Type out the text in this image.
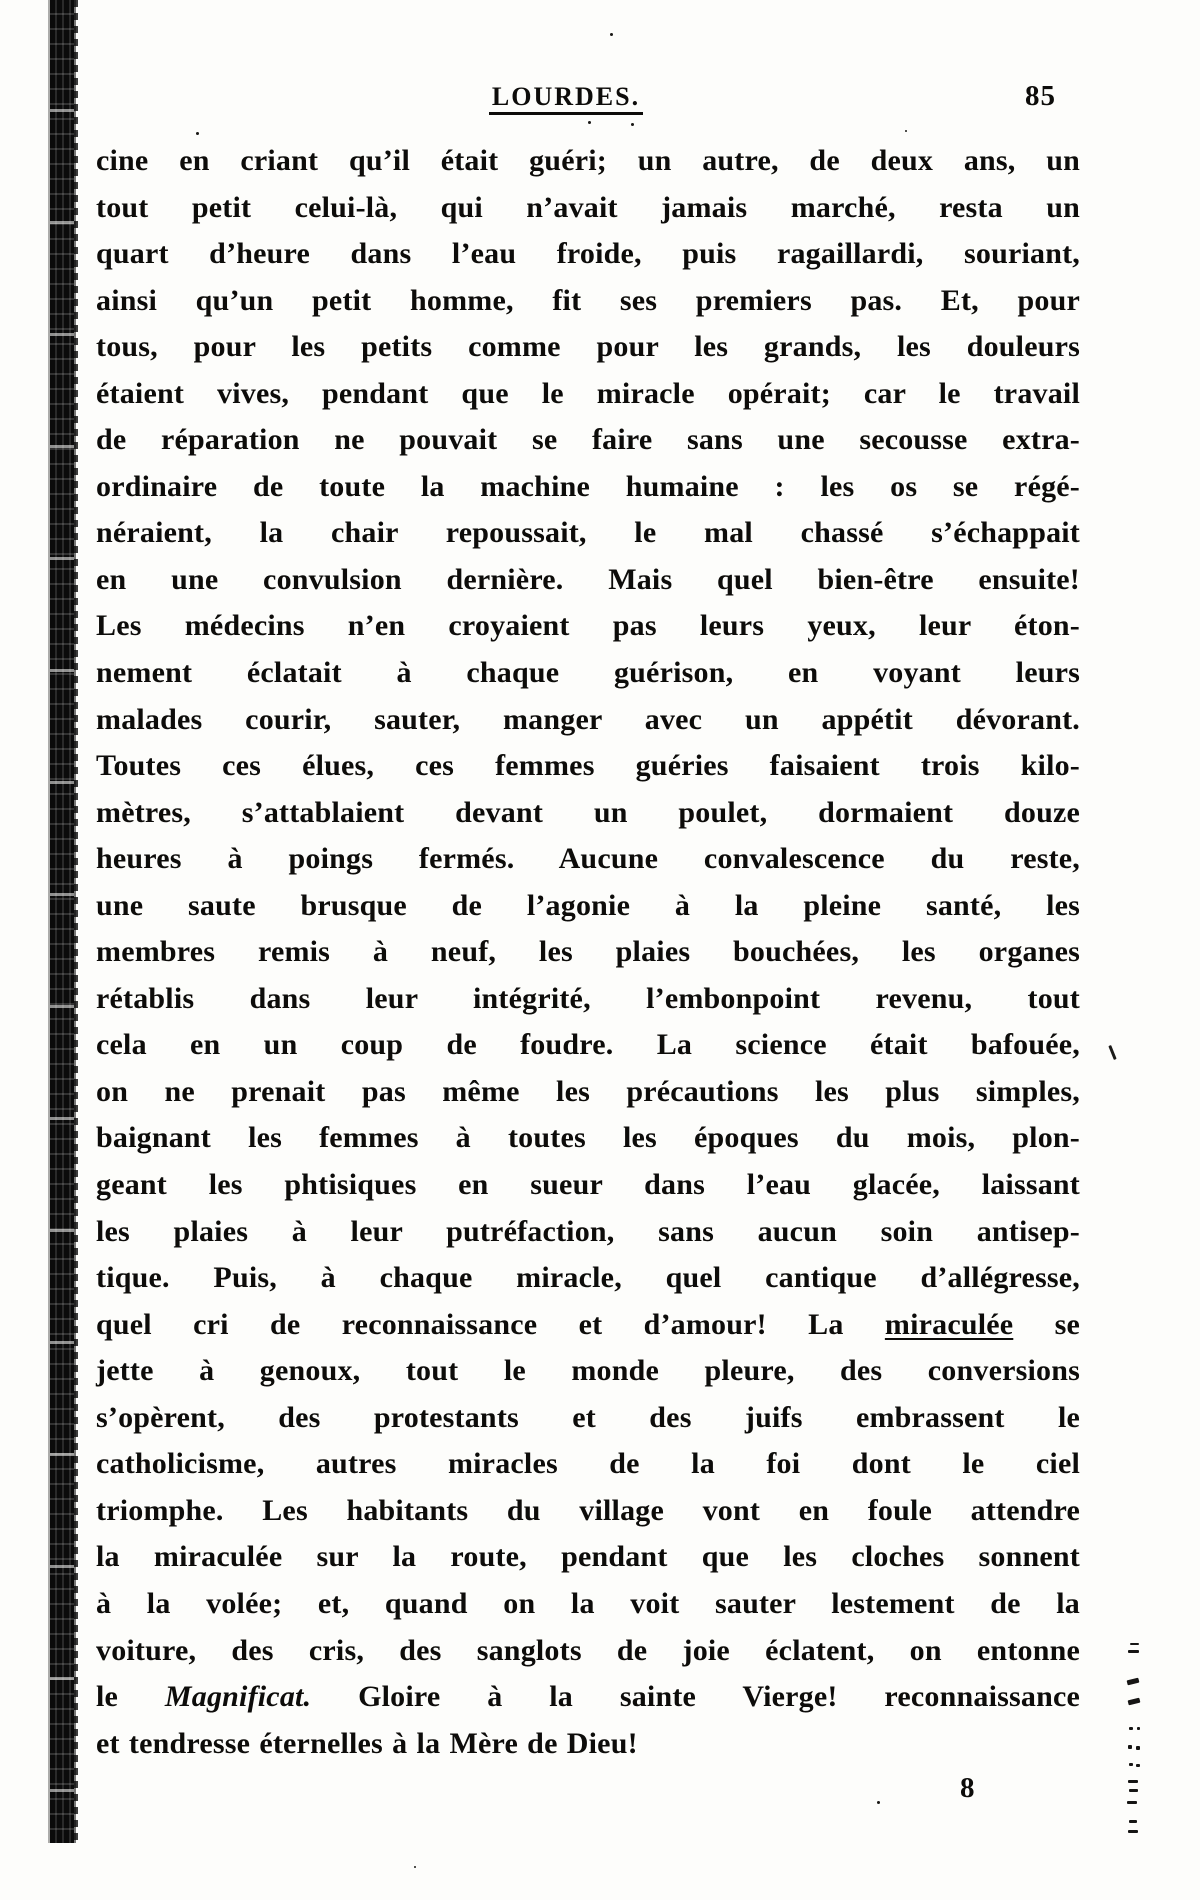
LOURDES.	85
cine en criant qu’il était guéri; un autre, de deux ans, un
tout petit celui-là, qui n’avait jamais marché, resta un
quart d’heure dans l’eau froide, puis ragaillardi, souriant,
ainsi qu’un petit homme, fit ses premiers pas. Et, pour
tous, pour les petits comme pour les grands, les douleurs
étaient vives, pendant que le miracle opérait; car le travail
de réparation ne pouvait se faire sans une secousse extra-
ordinaire de toute la machine humaine : les os se régé-
néraient, la chair repoussait, le mal chassé s’échappait
en une convulsion dernière. Mais quel bien-être ensuite!
Les médecins n’en croyaient pas leurs yeux, leur éton-
nement éclatait à chaque guérison, en voyant leurs
malades courir, sauter, manger avec un appétit dévorant.
Toutes ces élues, ces femmes guéries faisaient trois kilo-
mètres, s’attablaient devant un poulet, dormaient douze
heures à poings fermés. Aucune convalescence du reste,
une saute brusque de l’agonie à la pleine santé, les
membres remis à neuf, les plaies bouchées, les organes
rétablis dans leur intégrité, l’embonpoint revenu, tout
cela en un coup de foudre. La science était bafouée,
on ne prenait pas même les précautions les plus simples,
baignant les femmes à toutes les époques du mois, plon-
geant les phtisiques en sueur dans l’eau glacée, laissant
les plaies à leur putréfaction, sans aucun soin antisep-
tique. Puis, à chaque miracle, quel cantique d’allégresse,
quel cri de reconnaissance et d’amour! La miraculée se
jette à genoux, tout le monde pleure, des conversions
s’opèrent, des protestants et des juifs embrassent le
catholicisme, autres miracles de la foi dont le ciel
triomphe. Les habitants du village vont en foule attendre
la miraculée sur la route, pendant que les cloches sonnent
à la volée; et, quand on la voit sauter lestement de la
voiture, des cris, des sanglots de joie éclatent, on entonne
le Magnificat. Gloire à la sainte Vierge! reconnaissance
et tendresse éternelles à la Mère de Dieu!
8
